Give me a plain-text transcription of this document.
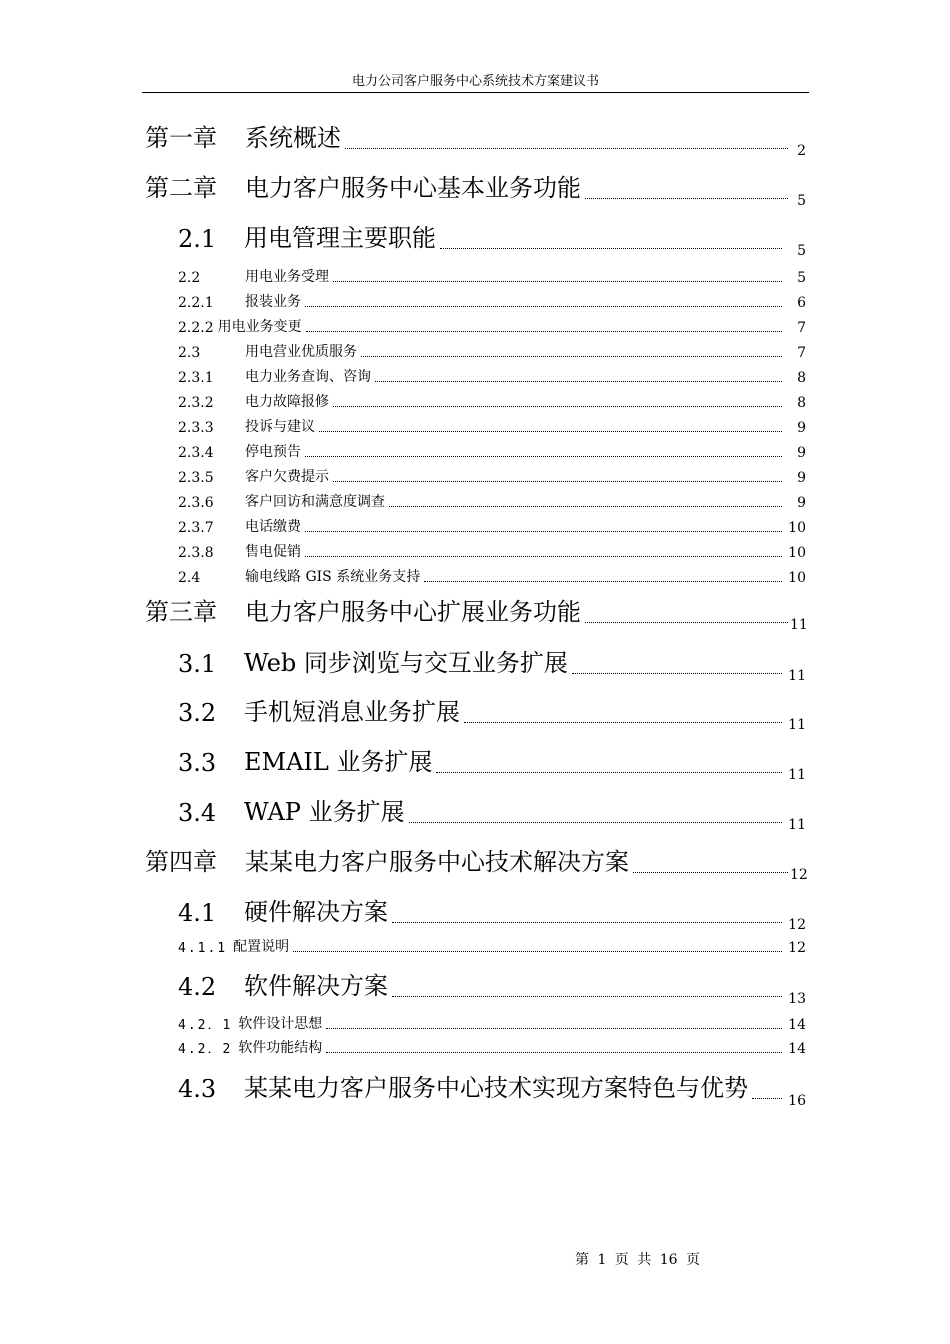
电力公司客户服务中心系统技术方案建议书
第一章	系统概述	2
第二章	电力客户服务中心基本业务功能	5
2.1	用电管理主要职能	5
2.2	用电业务受理	5
2.2.1	报装业务	6
2.2.2 用电业务变更	7
2.3	用电营业优质服务	7
2.3.1	电力业务查询、咨询	8
2.3.2	电力故障报修	8
2.3.3	投诉与建议	9
2.3.4	停电预告	9
2.3.5	客户欠费提示	9
2.3.6	客户回访和满意度调查	9
2.3.7	电话缴费	10
2.3.8	售电促销	10
2.4	输电线路 GIS 系统业务支持	10
第三章	电力客户服务中心扩展业务功能	11
3.1	Web 同步浏览与交互业务扩展	11
3.2	手机短消息业务扩展	11
3.3	EMAIL 业务扩展	11
3.4	WAP 业务扩展	11
第四章	某某电力客户服务中心技术解决方案	12
4.1	硬件解决方案	12
4.1.1 配置说明	12
4.2	软件解决方案	13
4.2．1 软件设计思想	14
4.2．2 软件功能结构	14
4.3	某某电力客户服务中心技术实现方案特色与优势	16
第 1 页 共 16 页
